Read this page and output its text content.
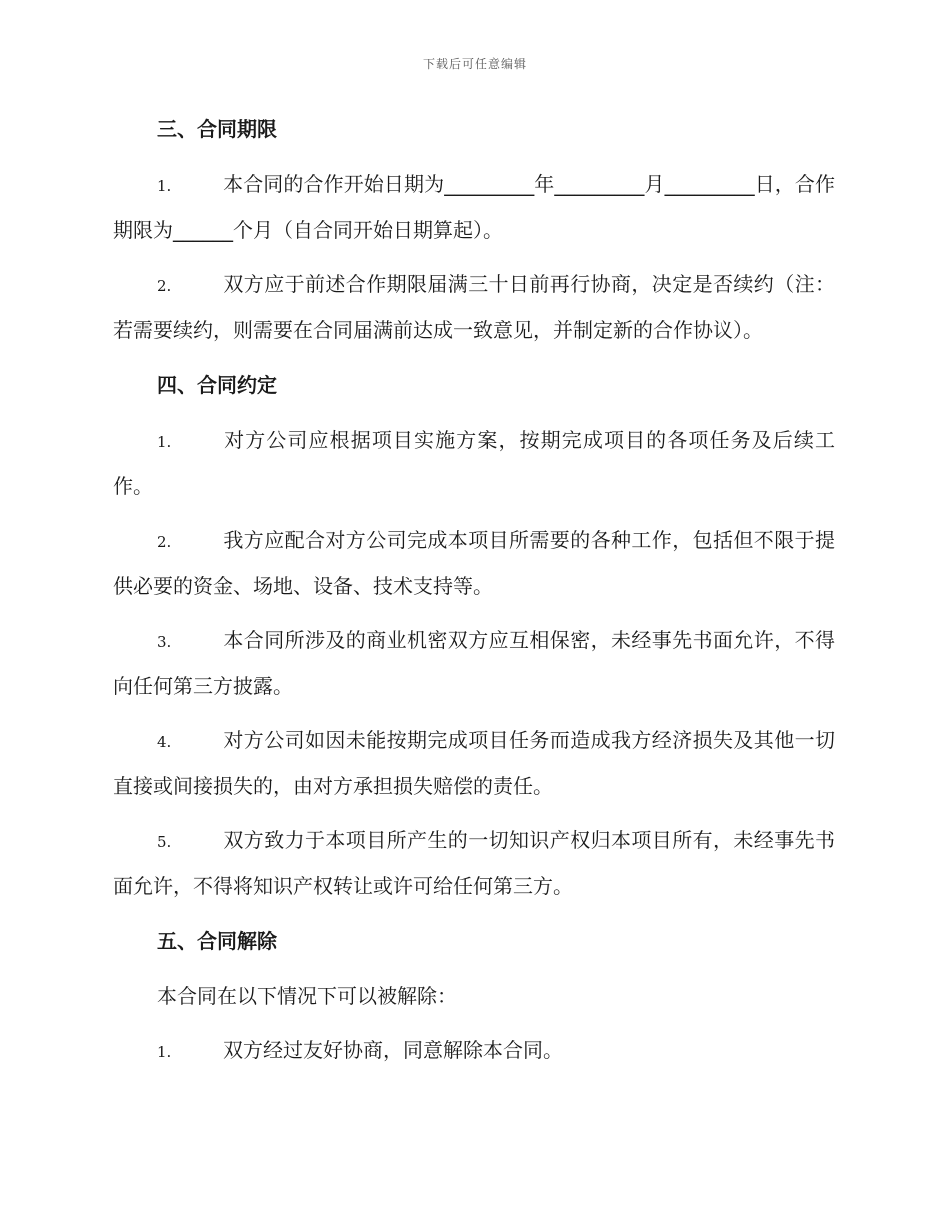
下载后可任意编辑
三、合同期限

1.	本合同的合作开始日期为_________年_________月_________日，合作期限为______个月（自合同开始日期算起）。

2.	双方应于前述合作期限届满三十日前再行协商，决定是否续约（注：若需要续约，则需要在合同届满前达成一致意见，并制定新的合作协议）。

四、合同约定

1.	对方公司应根据项目实施方案，按期完成项目的各项任务及后续工作。

2.	我方应配合对方公司完成本项目所需要的各种工作，包括但不限于提供必要的资金、场地、设备、技术支持等。

3.	本合同所涉及的商业机密双方应互相保密，未经事先书面允许，不得向任何第三方披露。

4.	对方公司如因未能按期完成项目任务而造成我方经济损失及其他一切直接或间接损失的，由对方承担损失赔偿的责任。

5.	双方致力于本项目所产生的一切知识产权归本项目所有，未经事先书面允许，不得将知识产权转让或许可给任何第三方。

五、合同解除

本合同在以下情况下可以被解除：

1.	双方经过友好协商，同意解除本合同。
